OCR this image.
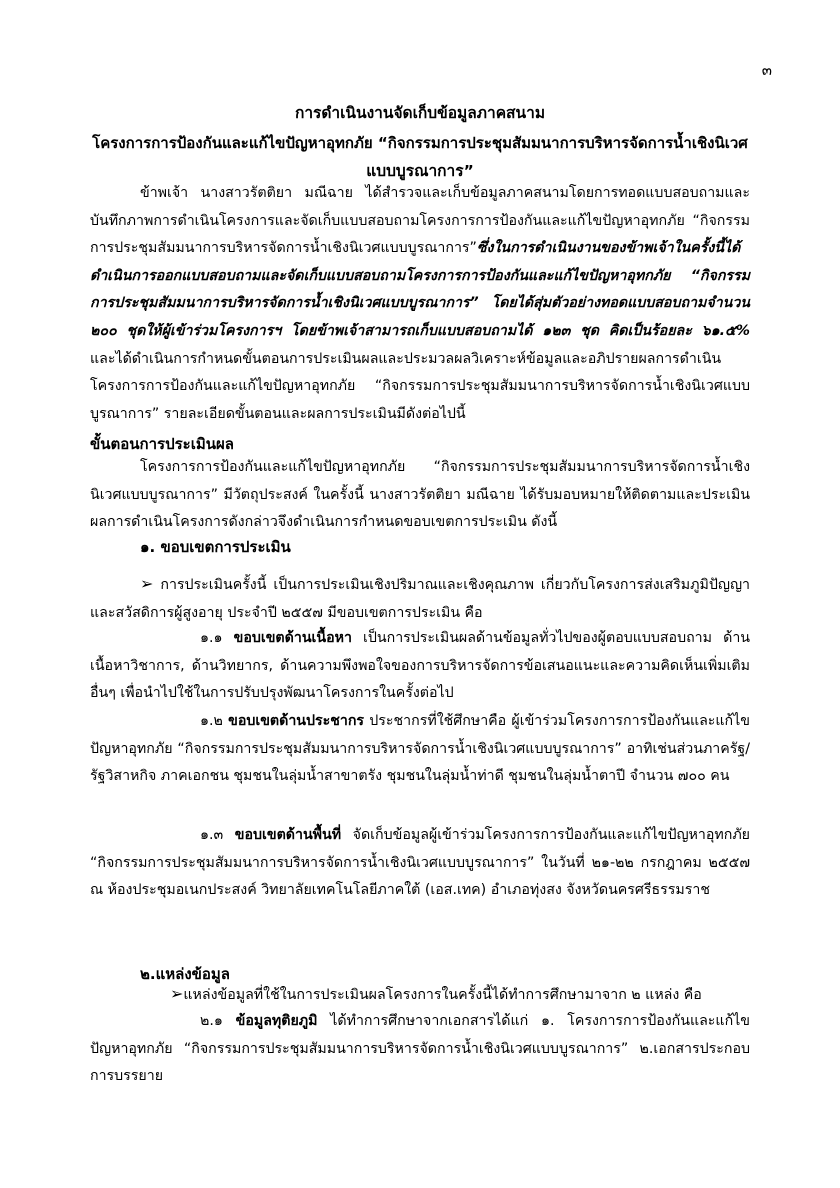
๓
การดำเนินงานจัดเก็บข้อมูลภาคสนาม
โครงการการป้องกันและแก้ไขปัญหาอุทกภัย “กิจกรรมการประชุมสัมมนาการบริหารจัดการน้ำเชิงนิเวศ
แบบบูรณาการ”

ข้าพเจ้า นางสาวรัตติยา มณีฉาย ได้สำรวจและเก็บข้อมูลภาคสนามโดยการทอดแบบสอบถามและบันทึกภาพการดำเนินโครงการและจัดเก็บแบบสอบถามโครงการการป้องกันและแก้ไขปัญหาอุทกภัย “กิจกรรมการประชุมสัมมนาการบริหารจัดการน้ำเชิงนิเวศแบบบูรณาการ”ซึ่งในการดำเนินงานของข้าพเจ้าในครั้งนี้ได้ดำเนินการออกแบบสอบถามและจัดเก็บแบบสอบถามโครงการการป้องกันและแก้ไขปัญหาอุทกภัย “กิจกรรมการประชุมสัมมนาการบริหารจัดการน้ำเชิงนิเวศแบบบูรณาการ” โดยได้สุ่มตัวอย่างทอดแบบสอบถามจำนวน ๒๐๐ ชุดให้ผู้เข้าร่วมโครงการฯ โดยข้าพเจ้าสามารถเก็บแบบสอบถามได้ ๑๒๓ ชุด คิดเป็นร้อยละ ๖๑.๕% และได้ดำเนินการกำหนดขั้นตอนการประเมินผลและประมวลผลวิเคราะห์ข้อมูลและอภิปรายผลการดำเนินโครงการการป้องกันและแก้ไขปัญหาอุทกภัย “กิจกรรมการประชุมสัมมนาการบริหารจัดการน้ำเชิงนิเวศแบบบูรณาการ” รายละเอียดขั้นตอนและผลการประเมินมีดังต่อไปนี้

ขั้นตอนการประเมินผล

โครงการการป้องกันและแก้ไขปัญหาอุทกภัย “กิจกรรมการประชุมสัมมนาการบริหารจัดการน้ำเชิงนิเวศแบบบูรณาการ” มีวัตถุประสงค์ ในครั้งนี้ นางสาวรัตติยา มณีฉาย ได้รับมอบหมายให้ติดตามและประเมินผลการดำเนินโครงการดังกล่าวจึงดำเนินการกำหนดขอบเขตการประเมิน ดังนี้

๑. ขอบเขตการประเมิน

➢ การประเมินครั้งนี้ เป็นการประเมินเชิงปริมาณและเชิงคุณภาพ เกี่ยวกับโครงการส่งเสริมภูมิปัญญาและสวัสดิการผู้สูงอายุ ประจำปี ๒๕๕๗ มีขอบเขตการประเมิน คือ

๑.๑ ขอบเขตด้านเนื้อหา เป็นการประเมินผลด้านข้อมูลทั่วไปของผู้ตอบแบบสอบถาม ด้านเนื้อหาวิชาการ, ด้านวิทยากร, ด้านความพึงพอใจของการบริหารจัดการข้อเสนอแนะและความคิดเห็นเพิ่มเติมอื่นๆ เพื่อนำไปใช้ในการปรับปรุงพัฒนาโครงการในครั้งต่อไป

๑.๒ ขอบเขตด้านประชากร ประชากรที่ใช้ศึกษาคือ ผู้เข้าร่วมโครงการการป้องกันและแก้ไขปัญหาอุทกภัย “กิจกรรมการประชุมสัมมนาการบริหารจัดการน้ำเชิงนิเวศแบบบูรณาการ” อาทิเช่นส่วนภาครัฐ/รัฐวิสาหกิจ ภาคเอกชน ชุมชนในลุ่มน้ำสาขาตรัง ชุมชนในลุ่มน้ำท่าดี ชุมชนในลุ่มน้ำตาปี จำนวน ๗๐๐ คน

๑.๓ ขอบเขตด้านพื้นที่ จัดเก็บข้อมูลผู้เข้าร่วมโครงการการป้องกันและแก้ไขปัญหาอุทกภัย “กิจกรรมการประชุมสัมมนาการบริหารจัดการน้ำเชิงนิเวศแบบบูรณาการ” ในวันที่ ๒๑-๒๒ กรกฎาคม ๒๕๕๗ ณ ห้องประชุมอเนกประสงค์ วิทยาลัยเทคโนโลยีภาคใต้ (เอส.เทค) อำเภอทุ่งสง จังหวัดนครศรีธรรมราช

๒.แหล่งข้อมูล

➢แหล่งข้อมูลที่ใช้ในการประเมินผลโครงการในครั้งนี้ได้ทำการศึกษามาจาก ๒ แหล่ง คือ

๒.๑ ข้อมูลทุติยภูมิ ได้ทำการศึกษาจากเอกสารได้แก่ ๑. โครงการการป้องกันและแก้ไขปัญหาอุทกภัย “กิจกรรมการประชุมสัมมนาการบริหารจัดการน้ำเชิงนิเวศแบบบูรณาการ” ๒.เอกสารประกอบการบรรยาย
